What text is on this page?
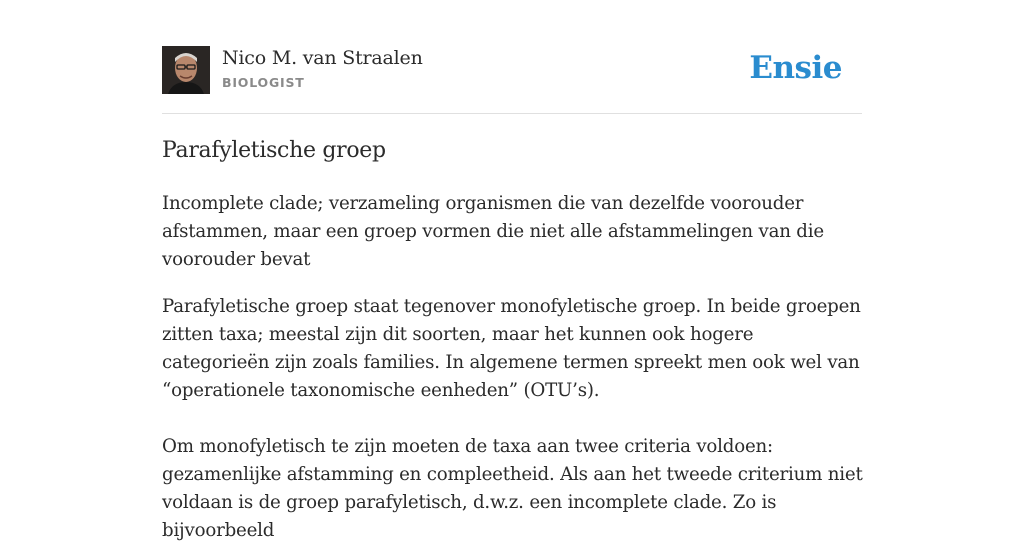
Nico M. van Straalen
BIOLOGIST	Ensie
Parafyletische groep

Incomplete clade; verzameling organismen die van dezelfde voorouder afstammen, maar een groep vormen die niet alle afstammelingen van die voorouder bevat

Parafyletische groep staat tegenover monofyletische groep. In beide groepen zitten taxa; meestal zijn dit soorten, maar het kunnen ook hogere categorieën zijn zoals families. In algemene termen spreekt men ook wel van “operationele taxonomische eenheden” (OTU’s).

Om monofyletisch te zijn moeten de taxa aan twee criteria voldoen: gezamenlijke afstamming en compleetheid. Als aan het tweede criterium niet voldaan is de groep parafyletisch, d.w.z. een incomplete clade. Zo is bijvoorbeeld
